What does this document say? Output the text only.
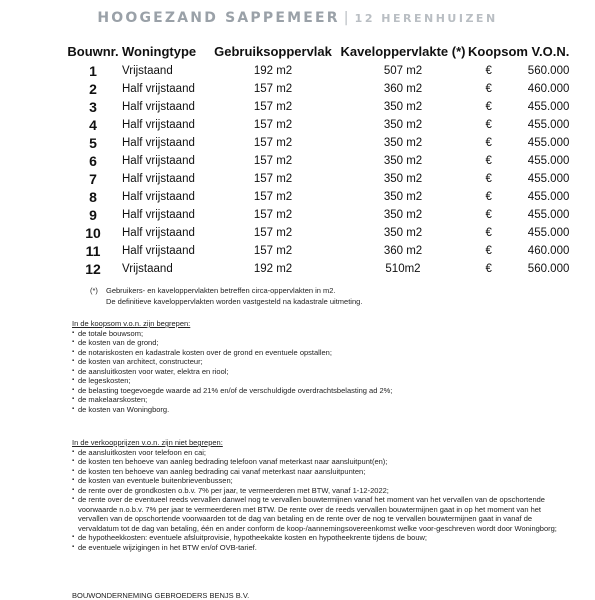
HOOGEZAND SAPPEMEER | 12 HERENHUIZEN
Bouwnr.	Woningtype	Gebruiksoppervlak	Kaveloppervlakte (*)	Koopsom V.O.N.	
1	Vrijstaand	192 m2	507 m2	€	560.000
2	Half vrijstaand	157 m2	360 m2	€	460.000
3	Half vrijstaand	157 m2	350 m2	€	455.000
4	Half vrijstaand	157 m2	350 m2	€	455.000
5	Half vrijstaand	157 m2	350 m2	€	455.000
6	Half vrijstaand	157 m2	350 m2	€	455.000
7	Half vrijstaand	157 m2	350 m2	€	455.000
8	Half vrijstaand	157 m2	350 m2	€	455.000
9	Half vrijstaand	157 m2	350 m2	€	455.000
10	Half vrijstaand	157 m2	350 m2	€	455.000
11	Half vrijstaand	157 m2	360 m2	€	460.000
12	Vrijstaand	192 m2	510m2	€	560.000
(*) Gebruikers- en kaveloppervlakten betreffen circa-oppervlakten in m2.
De definitieve kaveloppervlakten worden vastgesteld na kadastrale uitmeting.
In de koopsom v.o.n. zijn begrepen:
▪ de totale bouwsom;
▪ de kosten van de grond;
▪ de notariskosten en kadastrale kosten over de grond en eventuele opstallen;
▪ de kosten van architect, constructeur;
▪ de aansluitkosten voor water, elektra en riool;
▪ de legeskosten;
▪ de belasting toegevoegde waarde ad 21% en/of de verschuldigde overdrachtsbelasting ad 2%;
▪ de makelaarskosten;
▪ de kosten van Woningborg.
In de verkoopprijzen v.o.n. zijn niet begrepen:
▪ de aansluitkosten voor telefoon en cai;
▪ de kosten ten behoeve van aanleg bedrading telefoon vanaf meterkast naar aansluitpunt(en);
▪ de kosten ten behoeve van aanleg bedrading cai vanaf meterkast naar aansluitpunten;
▪ de kosten van eventuele buitenbrievenbussen;
▪ de rente over de grondkosten o.b.v. 7% per jaar, te vermeerderen met BTW, vanaf 1-12-2022;
▪ de rente over de eventueel reeds vervallen danwel nog te vervallen bouwtermijnen vanaf het moment van het vervallen van de opschortende voorwaarde n.o.b.v. 7% per jaar te vermeerderen met BTW. De rente over de reeds vervallen bouwtermijnen gaat in op het moment van het vervallen van de opschortende voorwaarden tot de dag van betaling en de rente over de nog te vervallen bouwtermijnen gaat in vanaf de vervaldatum tot de dag van betaling, één en ander conform de koop-/aannemingsovereenkomst welke voor-geschreven wordt door Woningborg;
▪ de hypotheekkosten: eventuele afsluitprovisie, hypotheekakte kosten en hypotheekrente tijdens de bouw;
▪ de eventuele wijzigingen in het BTW en/of OVB-tarief.
BOUWONDERNEMING GEBROEDERS BENJS B.V.
